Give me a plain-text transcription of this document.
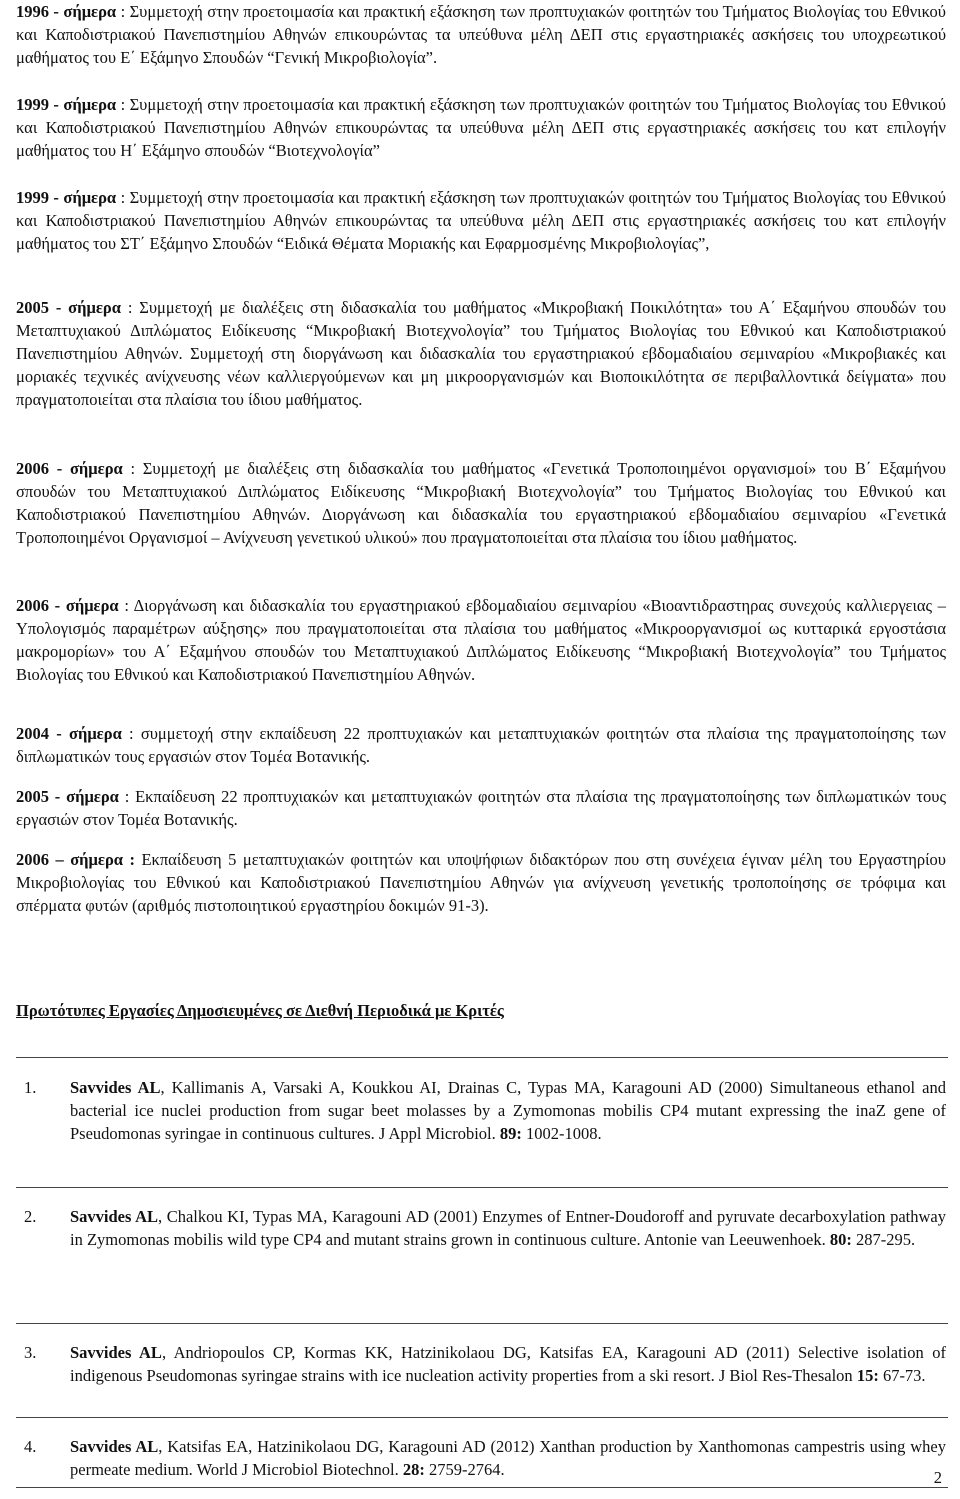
1996 - σήμερα : Συμμετοχή στην προετοιμασία και πρακτική εξάσκηση των προπτυχιακών φοιτητών του Τμήματος Βιολογίας του Εθνικού και Καποδιστριακού Πανεπιστημίου Αθηνών επικουρώντας τα υπεύθυνα μέλη ΔΕΠ στις εργαστηριακές ασκήσεις του υποχρεωτικού μαθήματος του Ε΄ Εξάμηνο Σπουδών “Γενική Μικροβιολογία”.

1999 - σήμερα : Συμμετοχή στην προετοιμασία και πρακτική εξάσκηση των προπτυχιακών φοιτητών του Τμήματος Βιολογίας του Εθνικού και Καποδιστριακού Πανεπιστημίου Αθηνών επικουρώντας τα υπεύθυνα μέλη ΔΕΠ στις εργαστηριακές ασκήσεις του κατ επιλογήν μαθήματος του Η΄ Εξάμηνο σπουδών “Βιοτεχνολογία”

1999 - σήμερα : Συμμετοχή στην προετοιμασία και πρακτική εξάσκηση των προπτυχιακών φοιτητών του Τμήματος Βιολογίας του Εθνικού και Καποδιστριακού Πανεπιστημίου Αθηνών επικουρώντας τα υπεύθυνα μέλη ΔΕΠ στις εργαστηριακές ασκήσεις του κατ επιλογήν μαθήματος του ΣΤ΄ Εξάμηνο Σπουδών “Ειδικά Θέματα Μοριακής και Εφαρμοσμένης Μικροβιολογίας”,

2005 - σήμερα : Συμμετοχή με διαλέξεις στη διδασκαλία του μαθήματος «Μικροβιακή Ποικιλότητα» του Α΄ Εξαμήνου σπουδών του Μεταπτυχιακού Διπλώματος Ειδίκευσης “Μικροβιακή Βιοτεχνολογία” του Τμήματος Βιολογίας του Εθνικού και Καποδιστριακού Πανεπιστημίου Αθηνών. Συμμετοχή στη διοργάνωση και διδασκαλία του εργαστηριακού εβδομαδιαίου σεμιναρίου «Μικροβιακές και μοριακές τεχνικές ανίχνευσης νέων καλλιεργούμενων και μη μικροοργανισμών και Βιοποικιλότητα σε περιβαλλοντικά δείγματα» που πραγματοποιείται στα πλαίσια του ίδιου μαθήματος.

2006 - σήμερα : Συμμετοχή με διαλέξεις στη διδασκαλία του μαθήματος «Γενετικά Τροποποιημένοι οργανισμοί» του Β΄ Εξαμήνου σπουδών του Μεταπτυχιακού Διπλώματος Ειδίκευσης “Μικροβιακή Βιοτεχνολογία” του Τμήματος Βιολογίας του Εθνικού και Καποδιστριακού Πανεπιστημίου Αθηνών. Διοργάνωση και διδασκαλία του εργαστηριακού εβδομαδιαίου σεμιναρίου «Γενετικά Τροποποιημένοι Οργανισμοί – Ανίχνευση γενετικού υλικού» που πραγματοποιείται στα πλαίσια του ίδιου μαθήματος.

2006 - σήμερα : Διοργάνωση και διδασκαλία του εργαστηριακού εβδομαδιαίου σεμιναρίου «Βιοαντιδραστηρας συνεχούς καλλιεργειας – Υπολογισμός παραμέτρων αύξησης» που πραγματοποιείται στα πλαίσια του μαθήματος «Μικροοργανισμοί ως κυτταρικά εργοστάσια μακρομορίων» του Α΄ Εξαμήνου σπουδών του Μεταπτυχιακού Διπλώματος Ειδίκευσης “Μικροβιακή Βιοτεχνολογία” του Τμήματος Βιολογίας του Εθνικού και Καποδιστριακού Πανεπιστημίου Αθηνών.

2004 - σήμερα : συμμετοχή στην εκπαίδευση 22 προπτυχιακών και μεταπτυχιακών φοιτητών στα πλαίσια της πραγματοποίησης των διπλωματικών τους εργασιών στον Τομέα Βοτανικής.

2005 - σήμερα : Εκπαίδευση 22 προπτυχιακών και μεταπτυχιακών φοιτητών στα πλαίσια της πραγματοποίησης των διπλωματικών τους εργασιών στον Τομέα Βοτανικής.

2006 – σήμερα : Εκπαίδευση 5 μεταπτυχιακών φοιτητών και υποψήφιων διδακτόρων που στη συνέχεια έγιναν μέλη του Εργαστηρίου Μικροβιολογίας του Εθνικού και Καποδιστριακού Πανεπιστημίου Αθηνών για ανίχνευση γενετικής τροποποίησης σε τρόφιμα και σπέρματα φυτών (αριθμός πιστοποιητικού εργαστηρίου δοκιμών 91-3).

Πρωτότυπες Εργασίες Δημοσιευμένες σε Διεθνή Περιοδικά με Κριτές

1. Savvides AL, Kallimanis A, Varsaki A, Koukkou AI, Drainas C, Typas MA, Karagouni AD (2000) Simultaneous ethanol and bacterial ice nuclei production from sugar beet molasses by a Zymomonas mobilis CP4 mutant expressing the inaZ gene of Pseudomonas syringae in continuous cultures. J Appl Microbiol. 89: 1002-1008.
2. Savvides AL, Chalkou KI, Typas MA, Karagouni AD (2001) Enzymes of Entner-Doudoroff and pyruvate decarboxylation pathway in Zymomonas mobilis wild type CP4 and mutant strains grown in continuous culture. Antonie van Leeuwenhoek. 80: 287-295.
3. Savvides AL, Andriopoulos CP, Kormas KK, Hatzinikolaou DG, Katsifas EA, Karagouni AD (2011) Selective isolation of indigenous Pseudomonas syringae strains with ice nucleation activity properties from a ski resort. J Biol Res-Thesalon 15: 67-73.
4. Savvides AL, Katsifas EA, Hatzinikolaou DG, Karagouni AD (2012) Xanthan production by Xanthomonas campestris using whey permeate medium. World J Microbiol Biotechnol. 28: 2759-2764.	2
